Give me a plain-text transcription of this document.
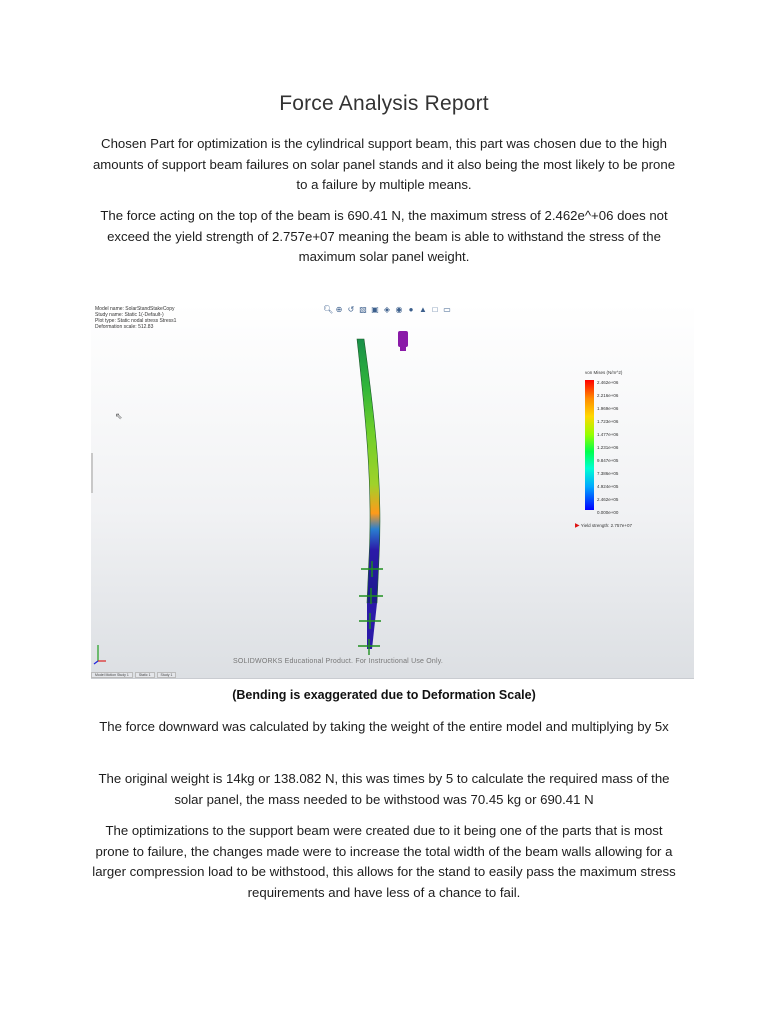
Force Analysis Report
Chosen Part for optimization is the cylindrical support beam, this part was chosen due to the high amounts of support beam failures on solar panel stands and it also being the most likely to be prone to a failure by multiple means.
The force acting on the top of the beam is 690.41 N, the maximum stress of 2.462e^+06 does not exceed the yield strength of 2.757e+07 meaning the beam is able to withstand the stress of the maximum solar panel weight.
Model name: SolarStandStakeCopy
Study name: Static 1(-Default-)
Plot type: Static nodal stress Stress1
Deformation scale: 512.83
🔍︎ ⊕ ↺ ▧ ▣ ◈ ◉ ● ▲ □ ▭
⇖
von Mises (N/m^2)
2.462e+06
2.216e+06
1.969e+06
1.723e+06
1.477e+06
1.231e+06
9.847e+05
7.386e+05
4.924e+05
2.462e+05
0.000e+00
▶ Yield strength: 2.757e+07
SOLIDWORKS Educational Product. For Instructional Use Only.
Model Motion Study 1	Static 1	Study 1
(Bending is exaggerated due to Deformation Scale)
The force downward was calculated by taking the weight of the entire model and multiplying by 5x
The original weight is 14kg or 138.082 N, this was times by 5 to calculate the required mass of the solar panel, the mass needed to be withstood was 70.45 kg or 690.41 N
The optimizations to the support beam were created due to it being one of the parts that is most prone to failure, the changes made were to increase the total width of the beam walls allowing for a larger compression load to be withstood, this allows for the stand to easily pass the maximum stress requirements and have less of a chance to fail.
